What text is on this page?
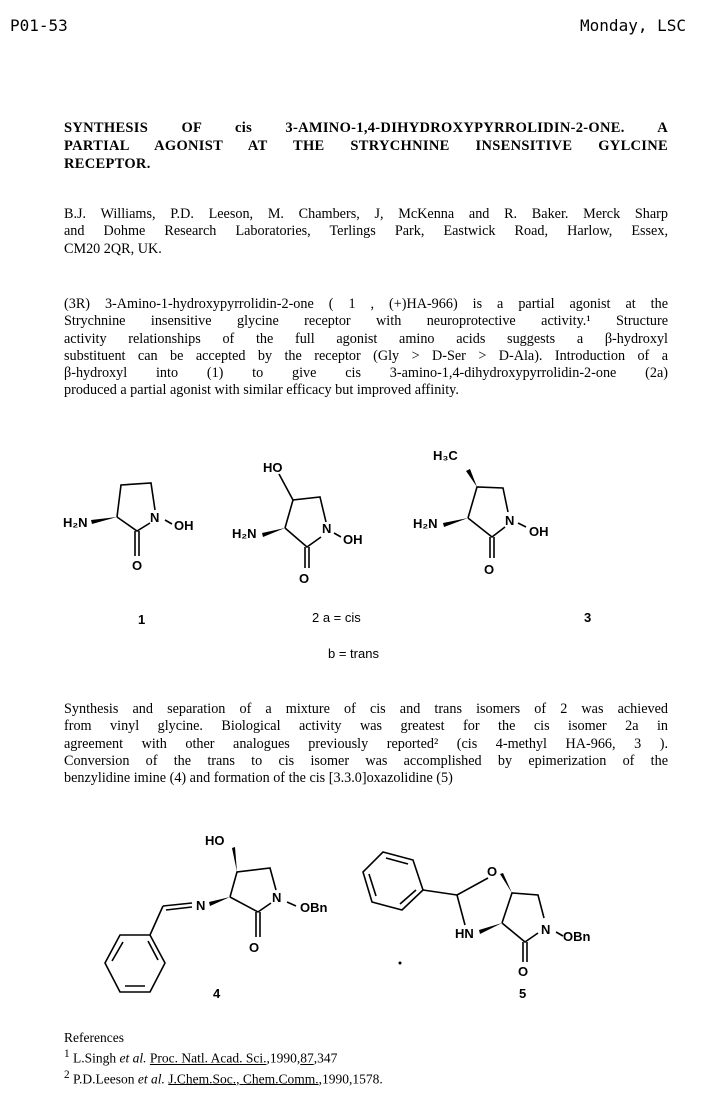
P01-53	Monday, LSC
SYNTHESIS OF cis 3-AMINO-1,4-DIHYDROXYPYRROLIDIN-2-ONE. A
PARTIAL AGONIST AT THE STRYCHNINE INSENSITIVE GYLCINE
RECEPTOR.
B.J. Williams, P.D. Leeson, M. Chambers, J, McKenna and R. Baker. Merck Sharp
and Dohme Research Laboratories, Terlings Park, Eastwick Road, Harlow, Essex,
CM20 2QR, UK.
(3R) 3-Amino-1-hydroxypyrrolidin-2-one ( 1 , (+)HA-966) is a partial agonist at the
Strychnine insensitive glycine receptor with neuroprotective activity.¹ Structure
activity relationships of the full agonist amino acids suggests a β-hydroxyl
substituent can be accepted by the receptor (Gly > D-Ser > D-Ala). Introduction of a
β-hydroxyl into (1) to give cis 3-amino-1,4-dihydroxypyrrolidin-2-one (2a)
produced a partial agonist with similar efficacy but improved affinity.
Synthesis and separation of a mixture of cis and trans isomers of 2 was achieved
from vinyl glycine. Biological activity was greatest for the cis isomer 2a in
agreement with other analogues previously reported² (cis 4-methyl HA-966, 3 ).
Conversion of the trans to cis isomer was accomplished by epimerization of the
benzylidine imine (4) and formation of the cis [3.3.0]oxazolidine (5)
H₂N	N
OH
O
1
HO
H₂N	N
OH
O
2 a = cis
b = trans
H₃C
H₂N	N
OH
O
3
HO
N
N
OBn
O
4
O
HN	N OBn
O
5
References
$^1$ L.Singh et al. Proc. Natl. Acad. Sci.,1990,87,347
$^2$ P.D.Leeson et al. J.Chem.Soc., Chem.Comm.,1990,1578.
